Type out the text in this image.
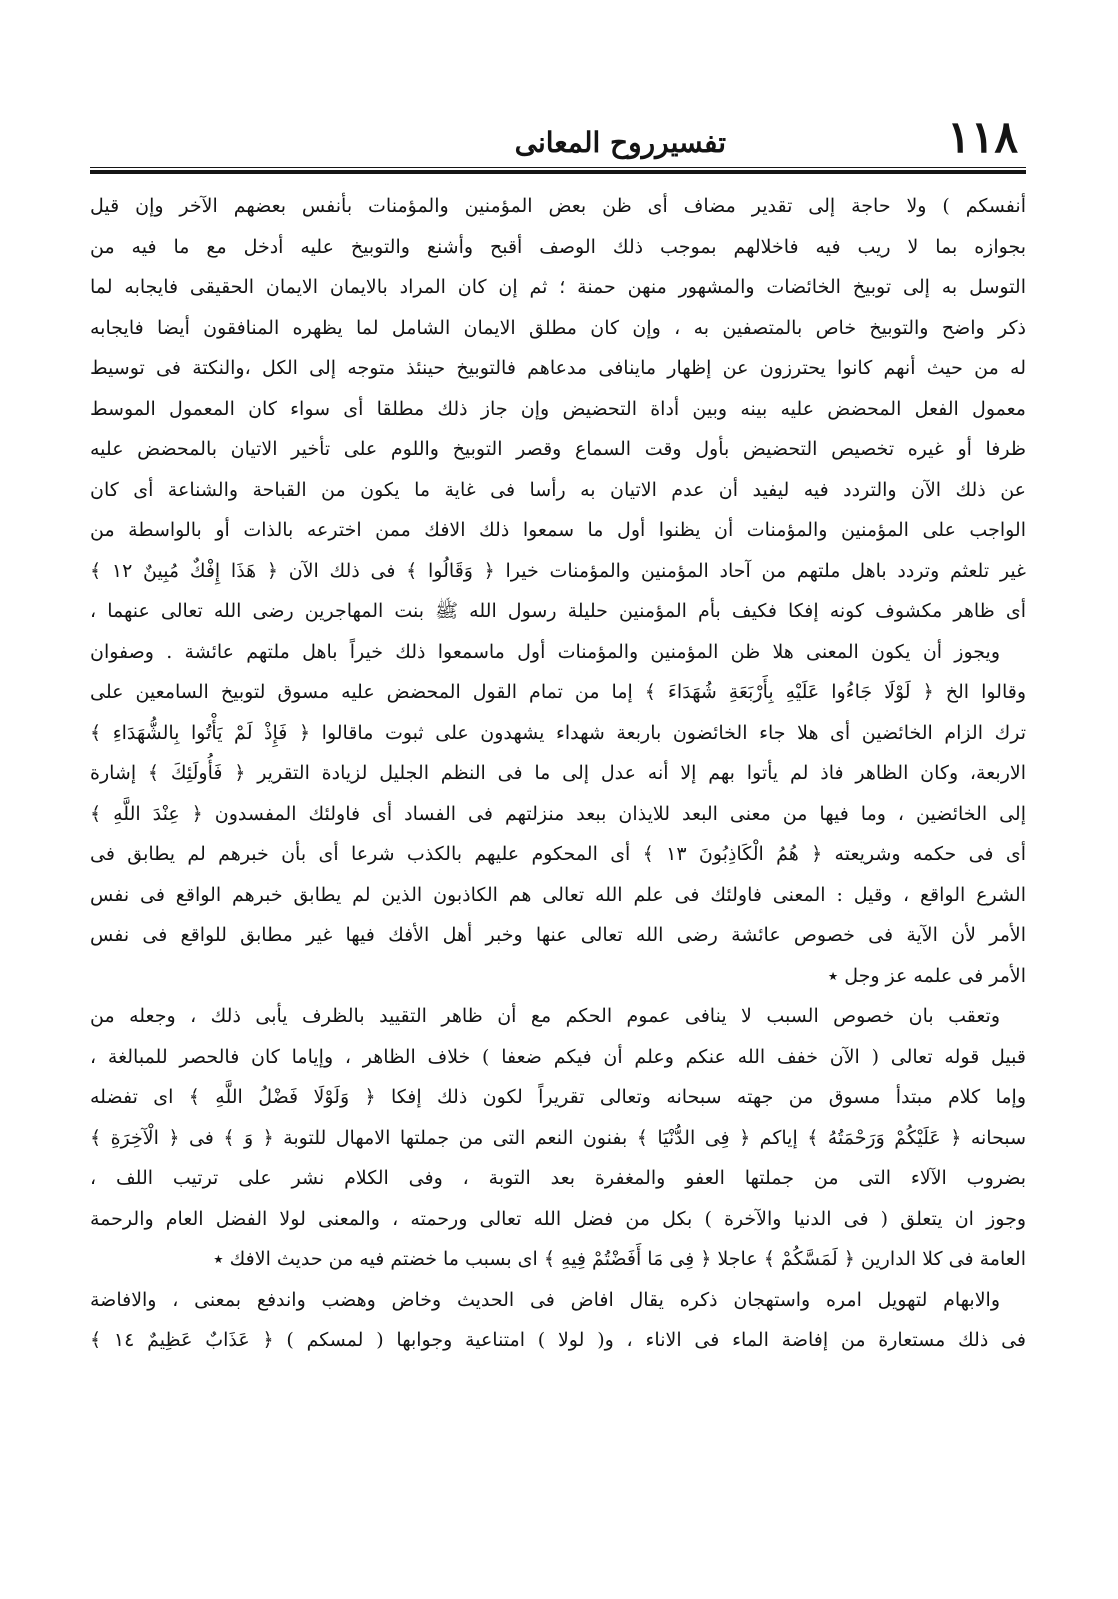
١١٨
تفسيرروح المعانى
أنفسكم ) ولا حاجة إلى تقدير مضاف أى ظن بعض المؤمنين والمؤمنات بأنفس بعضهم الآخر وإن قيل
بجوازه بما لا ريب فيه فاخلالهم بموجب ذلك الوصف أقبح وأشنع والتوبيخ عليه أدخل مع ما فيه من
التوسل به إلى توبيخ الخائضات والمشهور منهن حمنة ؛ ثم إن كان المراد بالايمان الايمان الحقيقى فايجابه لما
ذكر واضح والتوبيخ خاص بالمتصفين به ، وإن كان مطلق الايمان الشامل لما يظهره المنافقون أيضا فايجابه
له من حيث أنهم كانوا يحترزون عن إظهار ماينافى مدعاهم فالتوبيخ حينئذ متوجه إلى الكل ،والنكتة فى توسيط
معمول الفعل المحضض عليه بينه وبين أداة التحضيض وإن جاز ذلك مطلقا أى سواء كان المعمول الموسط
ظرفا أو غيره تخصيص التحضيض بأول وقت السماع وقصر التوبيخ واللوم على تأخير الاتيان بالمحضض عليه
عن ذلك الآن والتردد فيه ليفيد أن عدم الاتيان به رأسا فى غاية ما يكون من القباحة والشناعة أى كان
الواجب على المؤمنين والمؤمنات أن يظنوا أول ما سمعوا ذلك الافك ممن اخترعه بالذات أو بالواسطة من
غير تلعثم وتردد باهل ملتهم من آحاد المؤمنين والمؤمنات خيرا ﴿ وَقَالُوا ﴾ فى ذلك الآن ﴿ هَذَا إِفْكٌ مُبِينٌ ١٢ ﴾
أى ظاهر مكشوف كونه إفكا فكيف بأم المؤمنين حليلة رسول الله ﷺ بنت المهاجرين رضى الله تعالى عنهما ،
ويجوز أن يكون المعنى هلا ظن المؤمنين والمؤمنات أول ماسمعوا ذلك خيراً باهل ملتهم عائشة . وصفوان
وقالوا الخ ﴿ لَوْلَا جَاءُوا عَلَيْهِ بِأَرْبَعَةِ شُهَدَاءَ ﴾ إما من تمام القول المحضض عليه مسوق لتوبيخ السامعين على
ترك الزام الخائضين أى هلا جاء الخائضون باربعة شهداء يشهدون على ثبوت ماقالوا ﴿ فَإِذْ لَمْ يَأْتُوا بِالشُّهَدَاءِ ﴾
الاربعة، وكان الظاهر فاذ لم يأتوا بهم إلا أنه عدل إلى ما فى النظم الجليل لزيادة التقرير ﴿ فَأُولَئِكَ ﴾ إشارة
إلى الخائضين ، وما فيها من معنى البعد للايذان ببعد منزلتهم فى الفساد أى فاولئك المفسدون ﴿ عِنْدَ اللَّهِ ﴾
أى فى حكمه وشريعته ﴿ هُمُ الْكَاذِبُونَ ١٣ ﴾ أى المحكوم عليهم بالكذب شرعا أى بأن خبرهم لم يطابق فى
الشرع الواقع ، وقيل : المعنى فاولئك فى علم الله تعالى هم الكاذبون الذين لم يطابق خبرهم الواقع فى نفس
الأمر لأن الآية فى خصوص عائشة رضى الله تعالى عنها وخبر أهل الأفك فيها غير مطابق للواقع فى نفس
الأمر فى علمه عز وجل ٭
وتعقب بان خصوص السبب لا ينافى عموم الحكم مع أن ظاهر التقييد بالظرف يأبى ذلك ، وجعله من
قبيل قوله تعالى ( الآن خفف الله عنكم وعلم أن فيكم ضعفا ) خلاف الظاهر ، وإياما كان فالحصر للمبالغة ،
وإما كلام مبتدأ مسوق من جهته سبحانه وتعالى تقريراً لكون ذلك إفكا ﴿ وَلَوْلَا فَضْلُ اللَّهِ ﴾ اى تفضله
سبحانه ﴿ عَلَيْكُمْ وَرَحْمَتُهُ ﴾ إياكم ﴿ فِى الدُّنْيَا ﴾ بفنون النعم التى من جملتها الامهال للتوبة ﴿ وَ ﴾ فى ﴿ الْآخِرَةِ ﴾
بضروب الآلاء التى من جملتها العفو والمغفرة بعد التوبة ، وفى الكلام نشر على ترتيب اللف ،
وجوز ان يتعلق ( فى الدنيا والآخرة ) بكل من فضل الله تعالى ورحمته ، والمعنى لولا الفضل العام والرحمة
العامة فى كلا الدارين ﴿ لَمَسَّكُمْ ﴾ عاجلا ﴿ فِى مَا أَفَضْتُمْ فِيهِ ﴾ اى بسبب ما خضتم فيه من حديث الافك ٭
والابهام لتهويل امره واستهجان ذكره يقال افاض فى الحديث وخاض وهضب واندفع بمعنى ، والافاضة
فى ذلك مستعارة من إفاضة الماء فى الاناء ، و( لولا ) امتناعية وجوابها ( لمسكم ) ﴿ عَذَابٌ عَظِيمٌ ١٤ ﴾
